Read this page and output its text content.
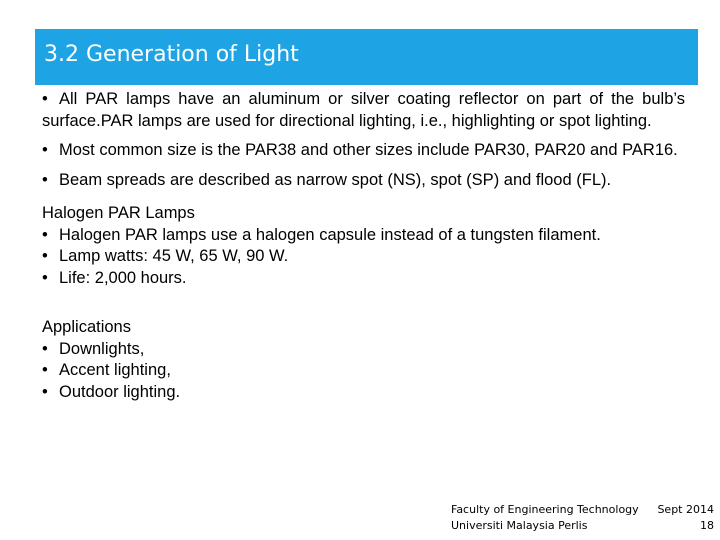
3.2 Generation of Light

• All PAR lamps have an aluminum or silver coating reflector on part of the bulb’s surface.PAR lamps are used for directional lighting, i.e., highlighting or spot lighting.

• Most common size is the PAR38 and other sizes include PAR30, PAR20 and PAR16.

• Beam spreads are described as narrow spot (NS), spot (SP) and flood (FL).

Halogen PAR Lamps

• Halogen PAR lamps use a halogen capsule instead of a tungsten filament.

• Lamp watts: 45 W, 65 W, 90 W.

• Life: 2,000 hours.

Applications

• Downlights,

• Accent lighting,

• Outdoor lighting.

Faculty of Engineering Technology Sept 2014
Universiti Malaysia Perlis	18
